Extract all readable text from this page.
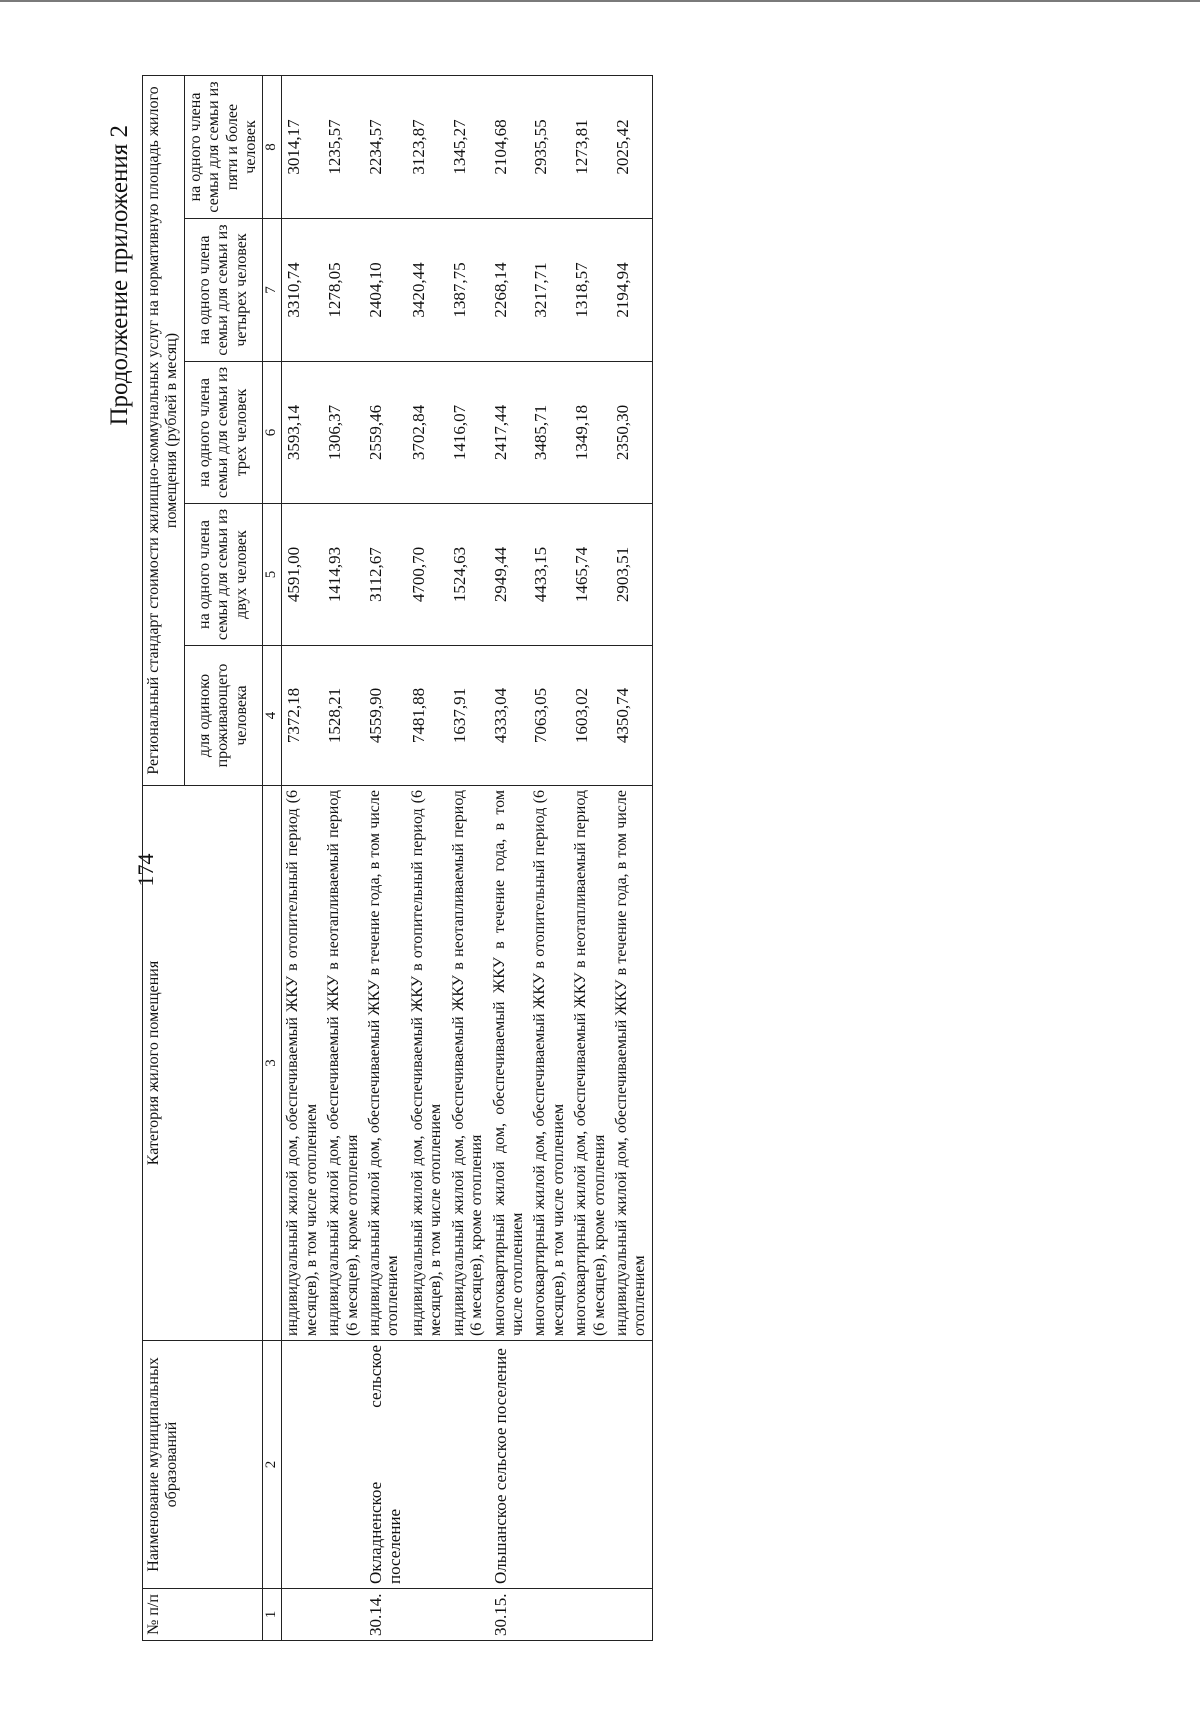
174
Продолжение приложения 2
№ п/п	Наименование муниципальных образований	Категория жилого помещения	Региональный стандарт стоимости жилищно-коммунальных услуг на нормативную площадь жилого помещения (рублей в месяц)				
			для одиноко проживающего человека	на одного члена семьи для семьи из двух человек	на одного члена семьи для семьи из трех человек	на одного члена семьи для семьи из четырех человек	на одного члена семьи для семьи из пяти и более человек
1	2	3	4	5	6	7	8
		индивидуальный жилой дом, обеспечиваемый ЖКУ в отопительный период (6 месяцев), в том числе отоплением	7372,18	4591,00	3593,14	3310,74	3014,17
		индивидуальный жилой дом, обеспечиваемый ЖКУ в неотапливаемый период (6 месяцев), кроме отопления	1528,21	1414,93	1306,37	1278,05	1235,57
30.14.	Окладненское сельское поселение	индивидуальный жилой дом, обеспечиваемый ЖКУ в течение года, в том числе отоплением	4559,90	3112,67	2559,46	2404,10	2234,57
		индивидуальный жилой дом, обеспечиваемый ЖКУ в отопительный период (6 месяцев), в том числе отоплением	7481,88	4700,70	3702,84	3420,44	3123,87
		индивидуальный жилой дом, обеспечиваемый ЖКУ в неотапливаемый период (6 месяцев), кроме отопления	1637,91	1524,63	1416,07	1387,75	1345,27
30.15.	Ольшанское сельское поселение	многоквартирный жилой дом, обеспечиваемый ЖКУ в течение года, в том числе отоплением	4333,04	2949,44	2417,44	2268,14	2104,68
		многоквартирный жилой дом, обеспечиваемый ЖКУ в отопительный период (6 месяцев), в том числе отоплением	7063,05	4433,15	3485,71	3217,71	2935,55
		многоквартирный жилой дом, обеспечиваемый ЖКУ в неотапливаемый период (6 месяцев), кроме отопления	1603,02	1465,74	1349,18	1318,57	1273,81
		индивидуальный жилой дом, обеспечиваемый ЖКУ в течение года, в том числе отоплением	4350,74	2903,51	2350,30	2194,94	2025,42
